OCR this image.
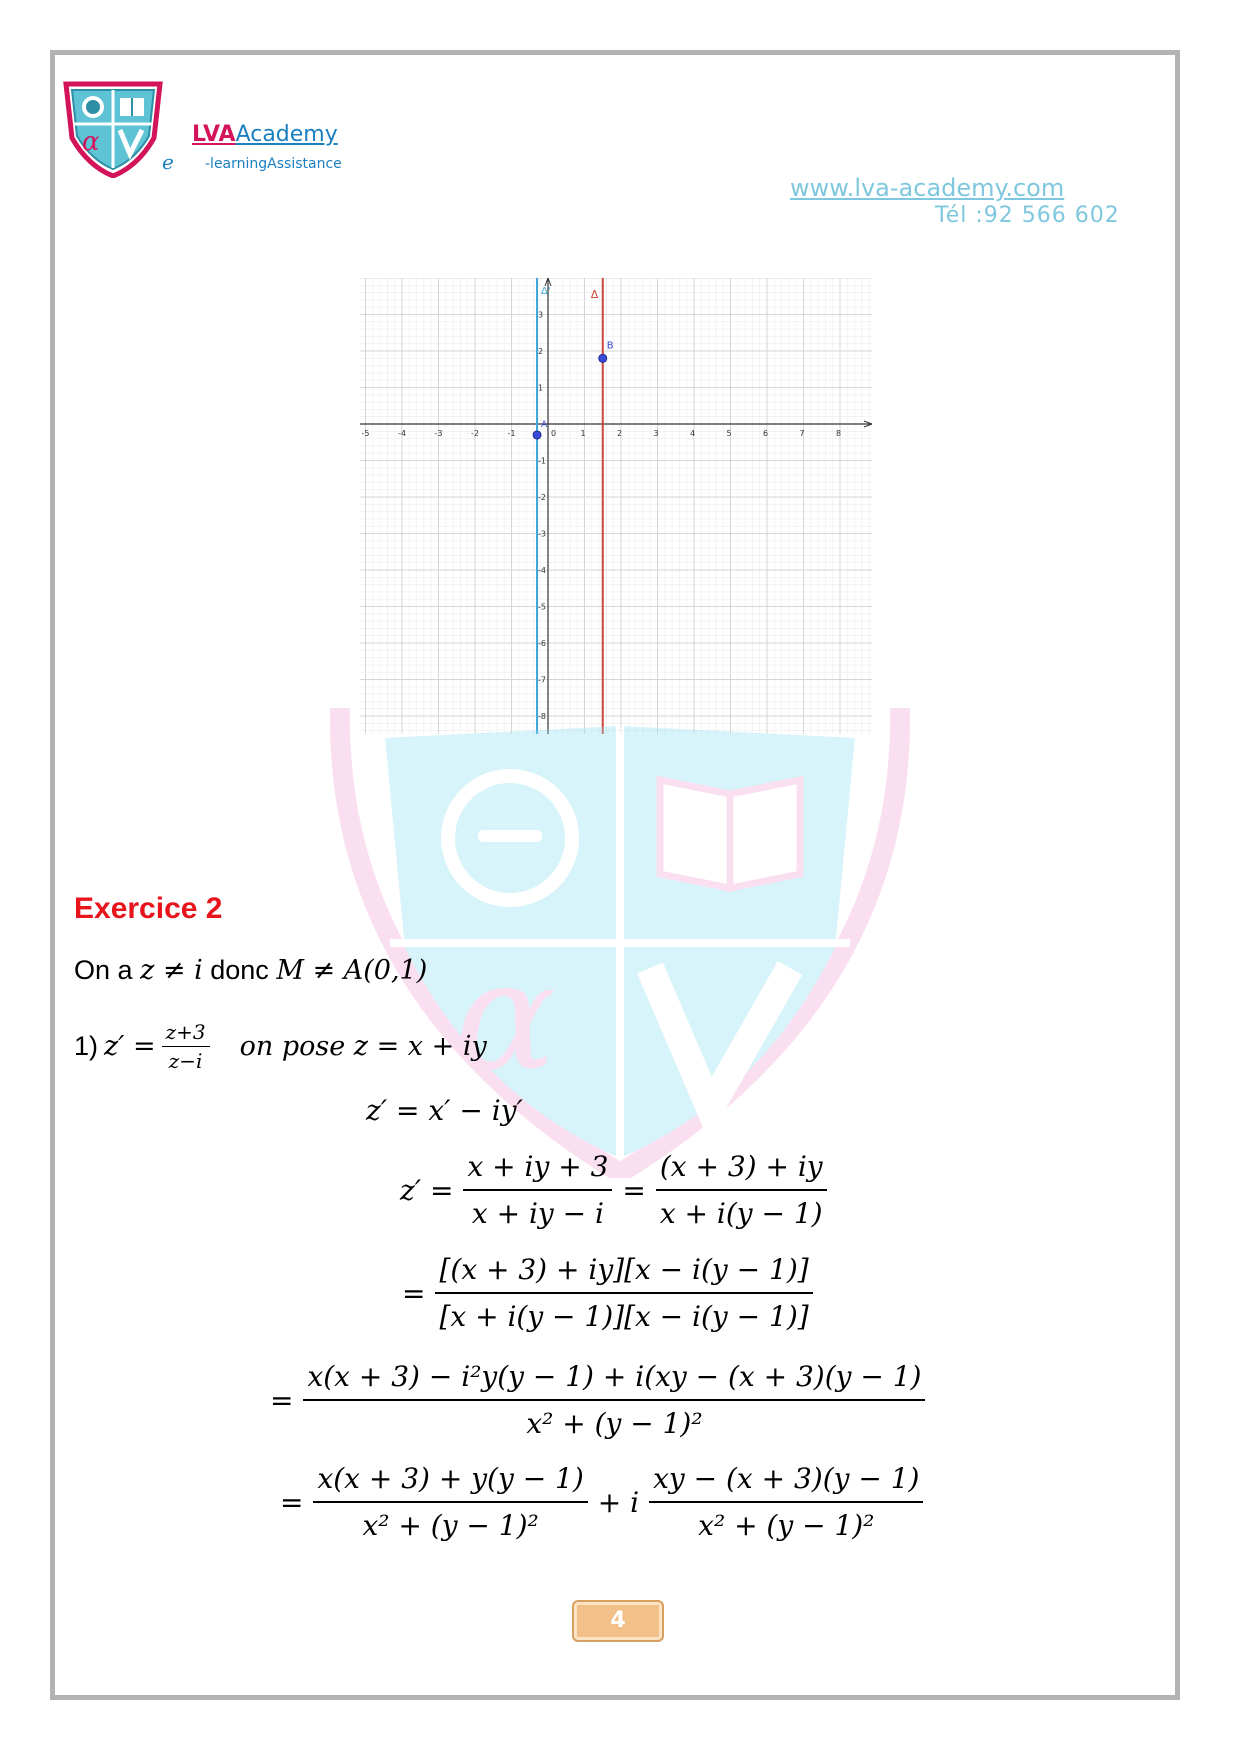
α	LVAAcademy
e -learningAssistance
www.lva-academy.com
Tél :92 566 602
-5	-4	-3	-2	-1	0	1	2	3	4	5	6	7	8
3
2
1
-1
-2
-3
-4
-5
-6
-7
-8
Δ'	Δ
A
B
α
Exercice 2
On a z ≠ i donc M ≠ A(0,1)
1) $z' = \frac{z+3}{z-i}$ on pose z = x + iy
z′ = x′ − iy′
$z' = \frac{x + iy + 3}{x + iy - i} = \frac{(x + 3) + iy}{x + i(y - 1)}$
= $\frac{[(x + 3) + iy][x - i(y - 1)]}{[x + i(y - 1)][x - i(y - 1)]}$
= $\frac{\text{x(x + 3) − i²y(y − 1) + i(xy − (x + 3)(y − 1)}}{\text{x² + (y − 1)²}}$
= $\frac{x(x + 3) + y(y - 1)}{\text{x² + (y − 1)²}} + i \frac{xy - (x + 3)(y - 1)}{\text{x² + (y − 1)²}}$
4
